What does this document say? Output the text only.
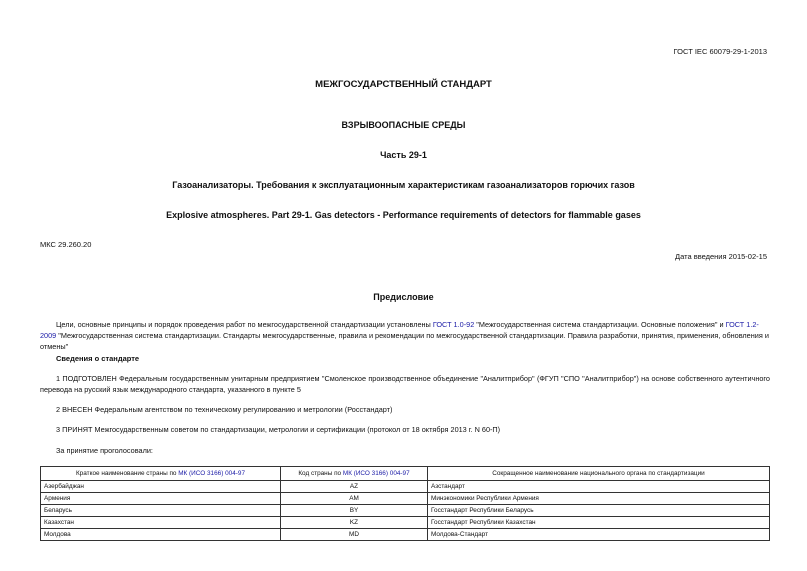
ГОСТ IEC 60079-29-1-2013
МЕЖГОСУДАРСТВЕННЫЙ СТАНДАРТ
ВЗРЫВООПАСНЫЕ СРЕДЫ
Часть 29-1
Газоанализаторы. Требования к эксплуатационным характеристикам газоанализаторов горючих газов
Explosive atmospheres. Part 29-1. Gas detectors - Performance requirements of detectors for flammable gases
МКС 29.260.20
Дата введения 2015-02-15
Предисловие
Цели, основные принципы и порядок проведения работ по межгосударственной стандартизации установлены ГОСТ 1.0-92 "Межгосударственная система стандартизации. Основные положения" и ГОСТ 1.2-2009 "Межгосударственная система стандартизации. Стандарты межгосударственные, правила и рекомендации по межгосударственной стандартизации. Правила разработки, принятия, применения, обновления и отмены"
Сведения о стандарте
1 ПОДГОТОВЛЕН Федеральным государственным унитарным предприятием "Смоленское производственное объединение "Аналитприбор" (ФГУП "СПО "Аналитприбор") на основе собственного аутентичного перевода на русский язык международного стандарта, указанного в пункте 5
2 ВНЕСЕН Федеральным агентством по техническому регулированию и метрологии (Росстандарт)
3 ПРИНЯТ Межгосударственным советом по стандартизации, метрологии и сертификации (протокол от 18 октября 2013 г. N 60-П)
За принятие проголосовали:
Краткое наименование страны по МК (ИСО 3166) 004-97	Код страны по МК (ИСО 3166) 004-97	Сокращенное наименование национального органа по стандартизации
Азербайджан	AZ	Азстандарт
Армения	AM	Минэкономики Республики Армения
Беларусь	BY	Госстандарт Республики Беларусь
Казахстан	KZ	Госстандарт Республики Казахстан
Молдова	MD	Молдова-Стандарт
